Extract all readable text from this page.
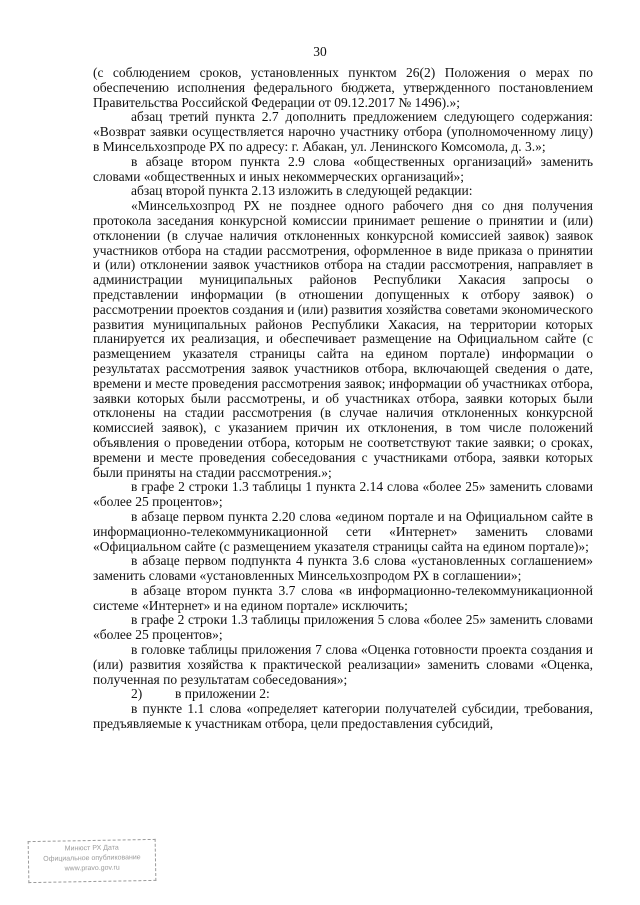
30

(с соблюдением сроков, установленных пунктом 26(2) Положения о мерах по обеспечению исполнения федерального бюджета, утвержденного постановлением Правительства Российской Федерации от 09.12.2017 № 1496).»;

абзац третий пункта 2.7 дополнить предложением следующего содержания: «Возврат заявки осуществляется нарочно участнику отбора (уполномоченному лицу) в Минсельхозпроде РХ по адресу: г. Абакан, ул. Ленинского Комсомола, д. 3.»;

в абзаце втором пункта 2.9 слова «общественных организаций» заменить словами «общественных и иных некоммерческих организаций»;

абзац второй пункта 2.13 изложить в следующей редакции:

«Минсельхозпрод РХ не позднее одного рабочего дня со дня получения протокола заседания конкурсной комиссии принимает решение о принятии и (или) отклонении (в случае наличия отклоненных конкурсной комиссией заявок) заявок участников отбора на стадии рассмотрения, оформленное в виде приказа о принятии и (или) отклонении заявок участников отбора на стадии рассмотрения, направляет в администрации муниципальных районов Республики Хакасия запросы о представлении информации (в отношении допущенных к отбору заявок) о рассмотрении проектов создания и (или) развития хозяйства советами экономического развития муниципальных районов Республики Хакасия, на территории которых планируется их реализация, и обеспечивает размещение на Официальном сайте (с размещением указателя страницы сайта на едином портале) информации о результатах рассмотрения заявок участников отбора, включающей сведения о дате, времени и месте проведения рассмотрения заявок; информации об участниках отбора, заявки которых были рассмотрены, и об участниках отбора, заявки которых были отклонены на стадии рассмотрения (в случае наличия отклоненных конкурсной комиссией заявок), с указанием причин их отклонения, в том числе положений объявления о проведении отбора, которым не соответствуют такие заявки; о сроках, времени и месте проведения собеседования с участниками отбора, заявки которых были приняты на стадии рассмотрения.»;

в графе 2 строки 1.3 таблицы 1 пункта 2.14 слова «более 25» заменить словами «более 25 процентов»;

в абзаце первом пункта 2.20 слова «едином портале и на Официальном сайте в информационно-телекоммуникационной сети «Интернет» заменить словами «Официальном сайте (с размещением указателя страницы сайта на едином портале)»;

в абзаце первом подпункта 4 пункта 3.6 слова «установленных соглашением» заменить словами «установленных Минсельхозпродом РХ в соглашении»;

в абзаце втором пункта 3.7 слова «в информационно-телекоммуникационной системе «Интернет» и на едином портале» исключить;

в графе 2 строки 1.3 таблицы приложения 5 слова «более 25» заменить словами «более 25 процентов»;

в головке таблицы приложения 7 слова «Оценка готовности проекта создания и (или) развития хозяйства к практической реализации» заменить словами «Оценка, полученная по результатам собеседования»;

2) в приложении 2:

в пункте 1.1 слова «определяет категории получателей субсидии, требования, предъявляемые к участникам отбора, цели предоставления субсидий,

Минюст РХ Дата
Официальное опубликование
www.pravo.gov.ru
